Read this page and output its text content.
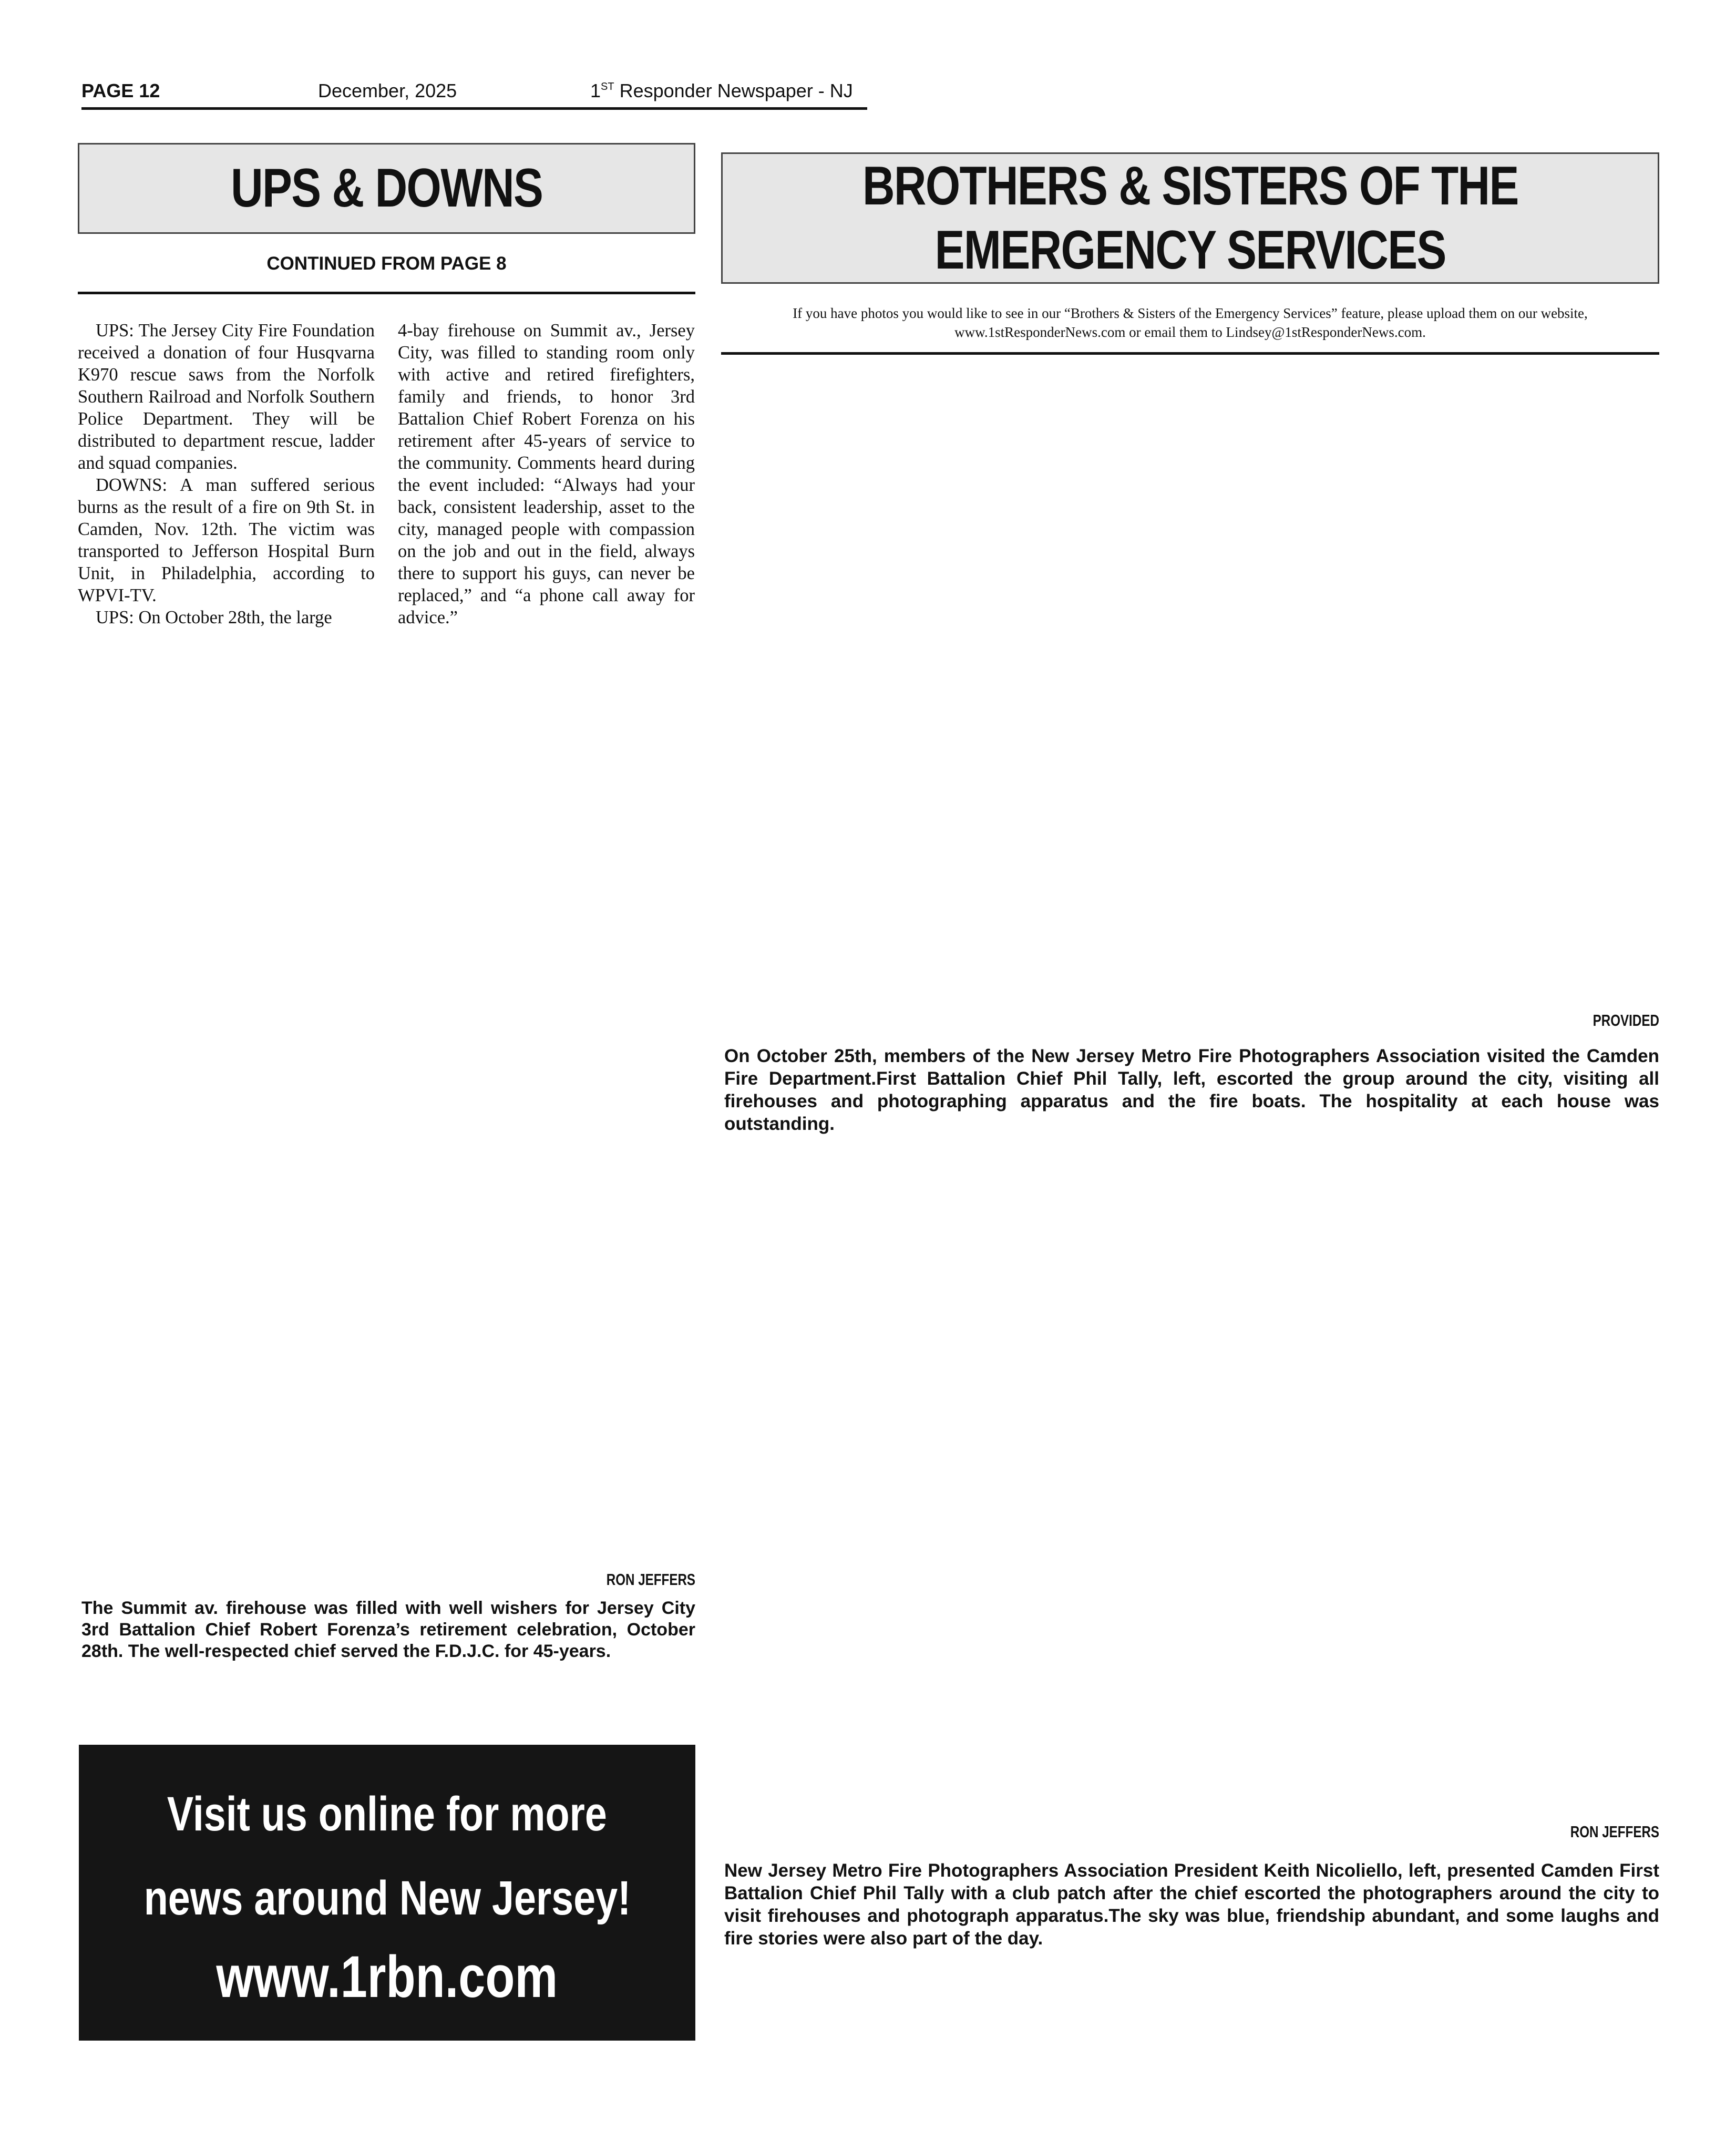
PAGE 12	December, 2025	1ST Responder Newspaper - NJ
UPS & DOWNS
CONTINUED FROM PAGE 8

UPS: The Jersey City Fire Foundation received a donation of four Husqvarna K970 rescue saws from the Norfolk Southern Railroad and Norfolk Southern Police Department. They will be distributed to department rescue, ladder and squad companies.

DOWNS: A man suffered serious burns as the result of a fire on 9th St. in Camden, Nov. 12th. The victim was transported to Jefferson Hospital Burn Unit, in Philadelphia, according to WPVI-TV.

UPS: On October 28th, the large

4-bay firehouse on Summit av., Jersey City, was filled to standing room only with active and retired firefighters, family and friends, to honor 3rd Battalion Chief Robert Forenza on his retirement after 45-years of service to the community. Comments heard during the event included: “Always had your back, consistent leadership, asset to the city, managed people with compassion on the job and out in the field, always there to support his guys, can never be replaced,” and “a phone call away for advice.”

RON JEFFERS
The Summit av. firehouse was filled with well wishers for Jersey City 3rd Battalion Chief Robert Forenza’s retirement celebration, October 28th. The well-respected chief served the F.D.J.C. for 45-years.
Visit us online for more
news around New Jersey!
www.1rbn.com
BROTHERS & SISTERS OF THE
EMERGENCY SERVICES
If you have photos you would like to see in our “Brothers & Sisters of the Emergency Services” feature, please upload them on our website,
www.1stResponderNews.com or email them to Lindsey@1stResponderNews.com.
PROVIDED
On October 25th, members of the New Jersey Metro Fire Photographers Association visited the Camden Fire Department.First Battalion Chief Phil Tally, left, escorted the group around the city, visiting all firehouses and photographing apparatus and the fire boats. The hospitality at each house was outstanding.
RON JEFFERS
New Jersey Metro Fire Photographers Association President Keith Nicoliello, left, presented Camden First Battalion Chief Phil Tally with a club patch after the chief escorted the photographers around the city to visit firehouses and photograph apparatus.The sky was blue, friendship abundant, and some laughs and fire stories were also part of the day.
